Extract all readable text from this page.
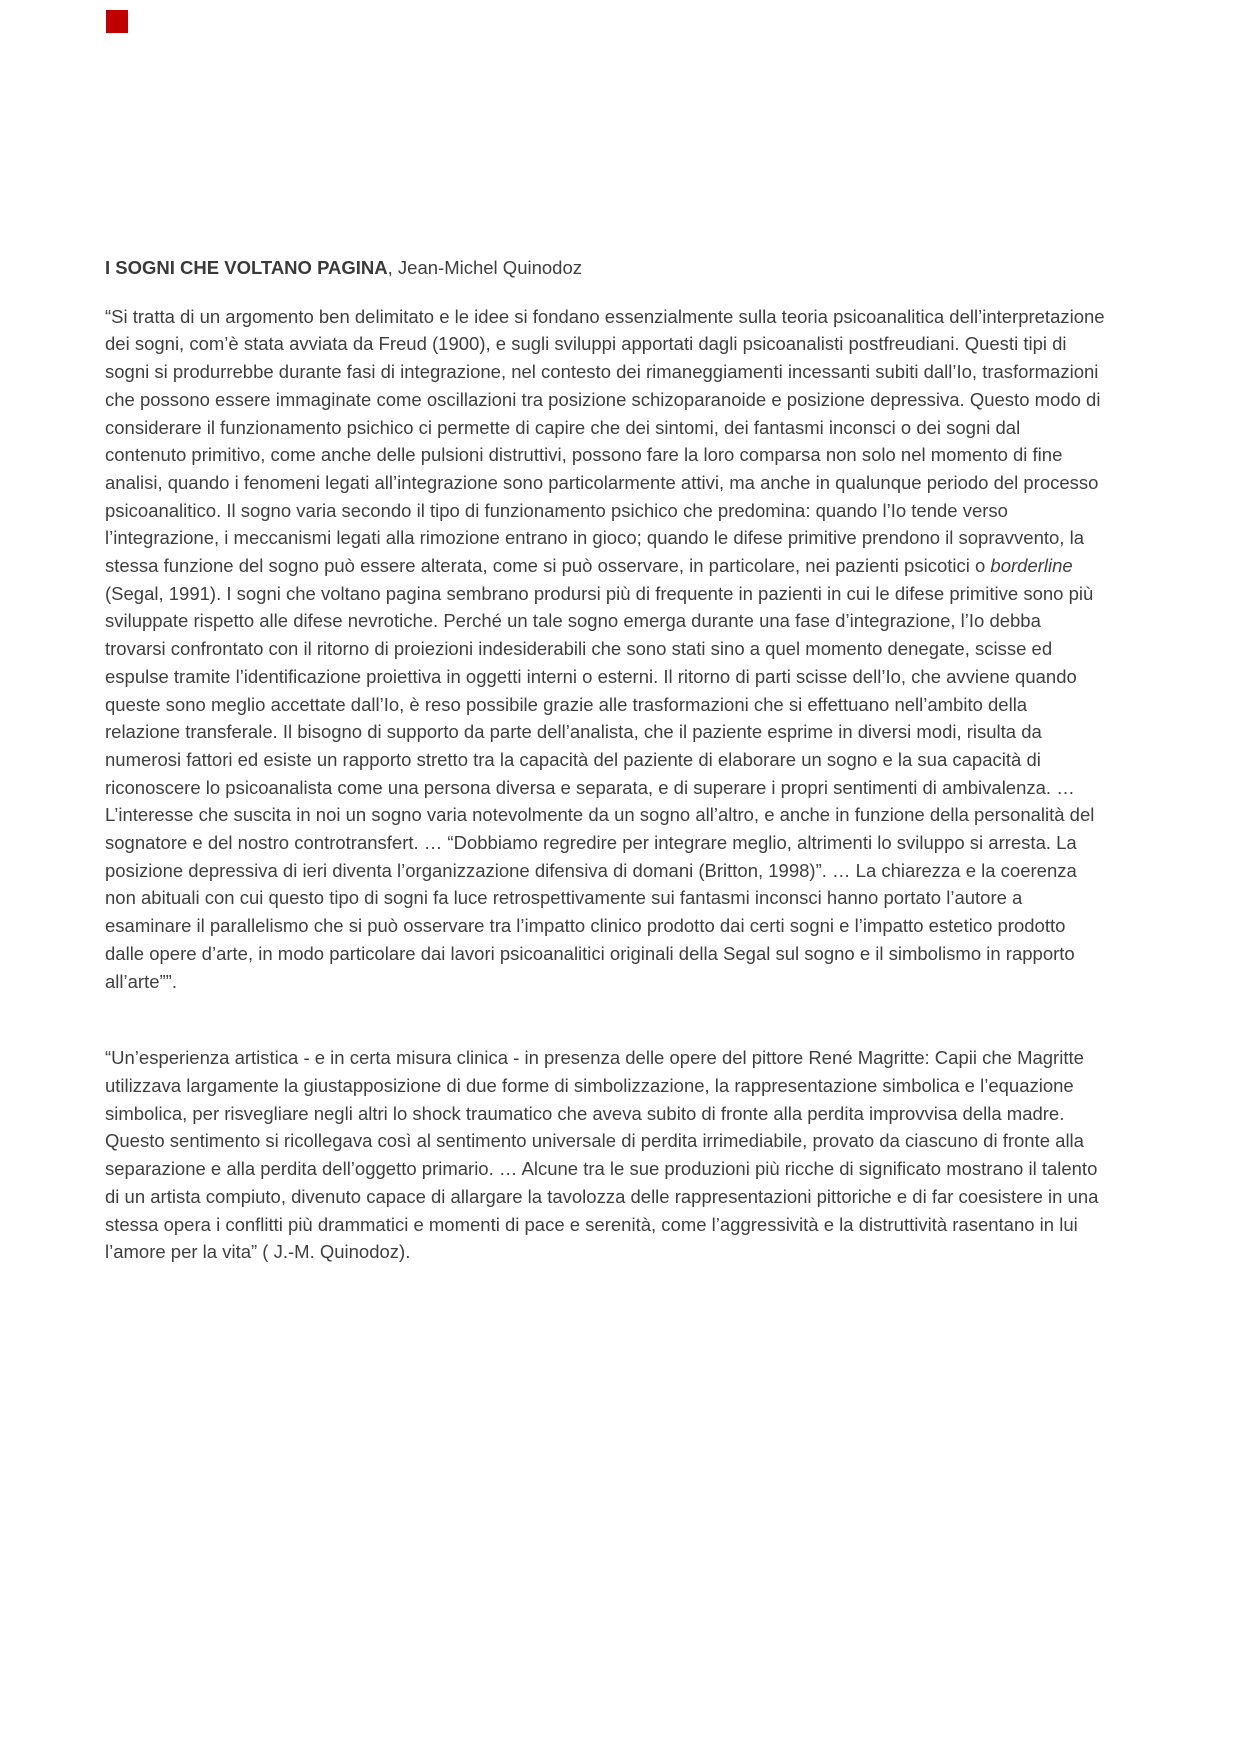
I SOGNI CHE VOLTANO PAGINA, Jean-Michel Quinodoz

“Si tratta di un argomento ben delimitato e le idee si fondano essenzialmente sulla teoria psicoanalitica dell’interpretazione dei sogni, com’è stata avviata da Freud (1900), e sugli sviluppi apportati dagli psicoanalisti postfreudiani. Questi tipi di sogni si produrrebbe durante fasi di integrazione, nel contesto dei rimaneggiamenti incessanti subiti dall’Io, trasformazioni che possono essere immaginate come oscillazioni tra posizione schizoparanoide e posizione depressiva. Questo modo di considerare il funzionamento psichico ci permette di capire che dei sintomi, dei fantasmi inconsci o dei sogni dal contenuto primitivo, come anche delle pulsioni distruttivi, possono fare la loro comparsa non solo nel momento di fine analisi, quando i fenomeni legati all’integrazione sono particolarmente attivi, ma anche in qualunque periodo del processo psicoanalitico. Il sogno varia secondo il tipo di funzionamento psichico che predomina: quando l’Io tende verso l’integrazione, i meccanismi legati alla rimozione entrano in gioco; quando le difese primitive prendono il sopravvento, la stessa funzione del sogno può essere alterata, come si può osservare, in particolare, nei pazienti psicotici o borderline (Segal, 1991). I sogni che voltano pagina sembrano prodursi più di frequente in pazienti in cui le difese primitive sono più sviluppate rispetto alle difese nevrotiche. Perché un tale sogno emerga durante una fase d’integrazione, l’Io debba trovarsi confrontato con il ritorno di proiezioni indesiderabili che sono stati sino a quel momento denegate, scisse ed espulse tramite l’identificazione proiettiva in oggetti interni o esterni. Il ritorno di parti scisse dell’Io, che avviene quando queste sono meglio accettate dall’Io, è reso possibile grazie alle trasformazioni che si effettuano nell’ambito della relazione transferale. Il bisogno di supporto da parte dell’analista, che il paziente esprime in diversi modi, risulta da numerosi fattori ed esiste un rapporto stretto tra la capacità del paziente di elaborare un sogno e la sua capacità di riconoscere lo psicoanalista come una persona diversa e separata, e di superare i propri sentimenti di ambivalenza. … L’interesse che suscita in noi un sogno varia notevolmente da un sogno all’altro, e anche in funzione della personalità del sognatore e del nostro controtransfert. … “Dobbiamo regredire per integrare meglio, altrimenti lo sviluppo si arresta. La posizione depressiva di ieri diventa l’organizzazione difensiva di domani (Britton, 1998)”. … La chiarezza e la coerenza non abituali con cui questo tipo di sogni fa luce retrospettivamente sui fantasmi inconsci hanno portato l’autore a esaminare il parallelismo che si può osservare tra l’impatto clinico prodotto dai certi sogni e l’impatto estetico prodotto dalle opere d’arte, in modo particolare dai lavori psicoanalitici originali della Segal sul sogno e il simbolismo in rapporto all’arte””.

“Un’esperienza artistica - e in certa misura clinica - in presenza delle opere del pittore René Magritte: Capii che Magritte utilizzava largamente la giustapposizione di due forme di simbolizzazione, la rappresentazione simbolica e l’equazione simbolica, per risvegliare negli altri lo shock traumatico che aveva subito di fronte alla perdita improvvisa della madre. Questo sentimento si ricollegava così al sentimento universale di perdita irrimediabile, provato da ciascuno di fronte alla separazione e alla perdita dell’oggetto primario. … Alcune tra le sue produzioni più ricche di significato mostrano il talento di un artista compiuto, divenuto capace di allargare la tavolozza delle rappresentazioni pittoriche e di far coesistere in una stessa opera i conflitti più drammatici e momenti di pace e serenità, come l’aggressività e la distruttività rasentano in lui l’amore per la vita” ( J.-M. Quinodoz).
